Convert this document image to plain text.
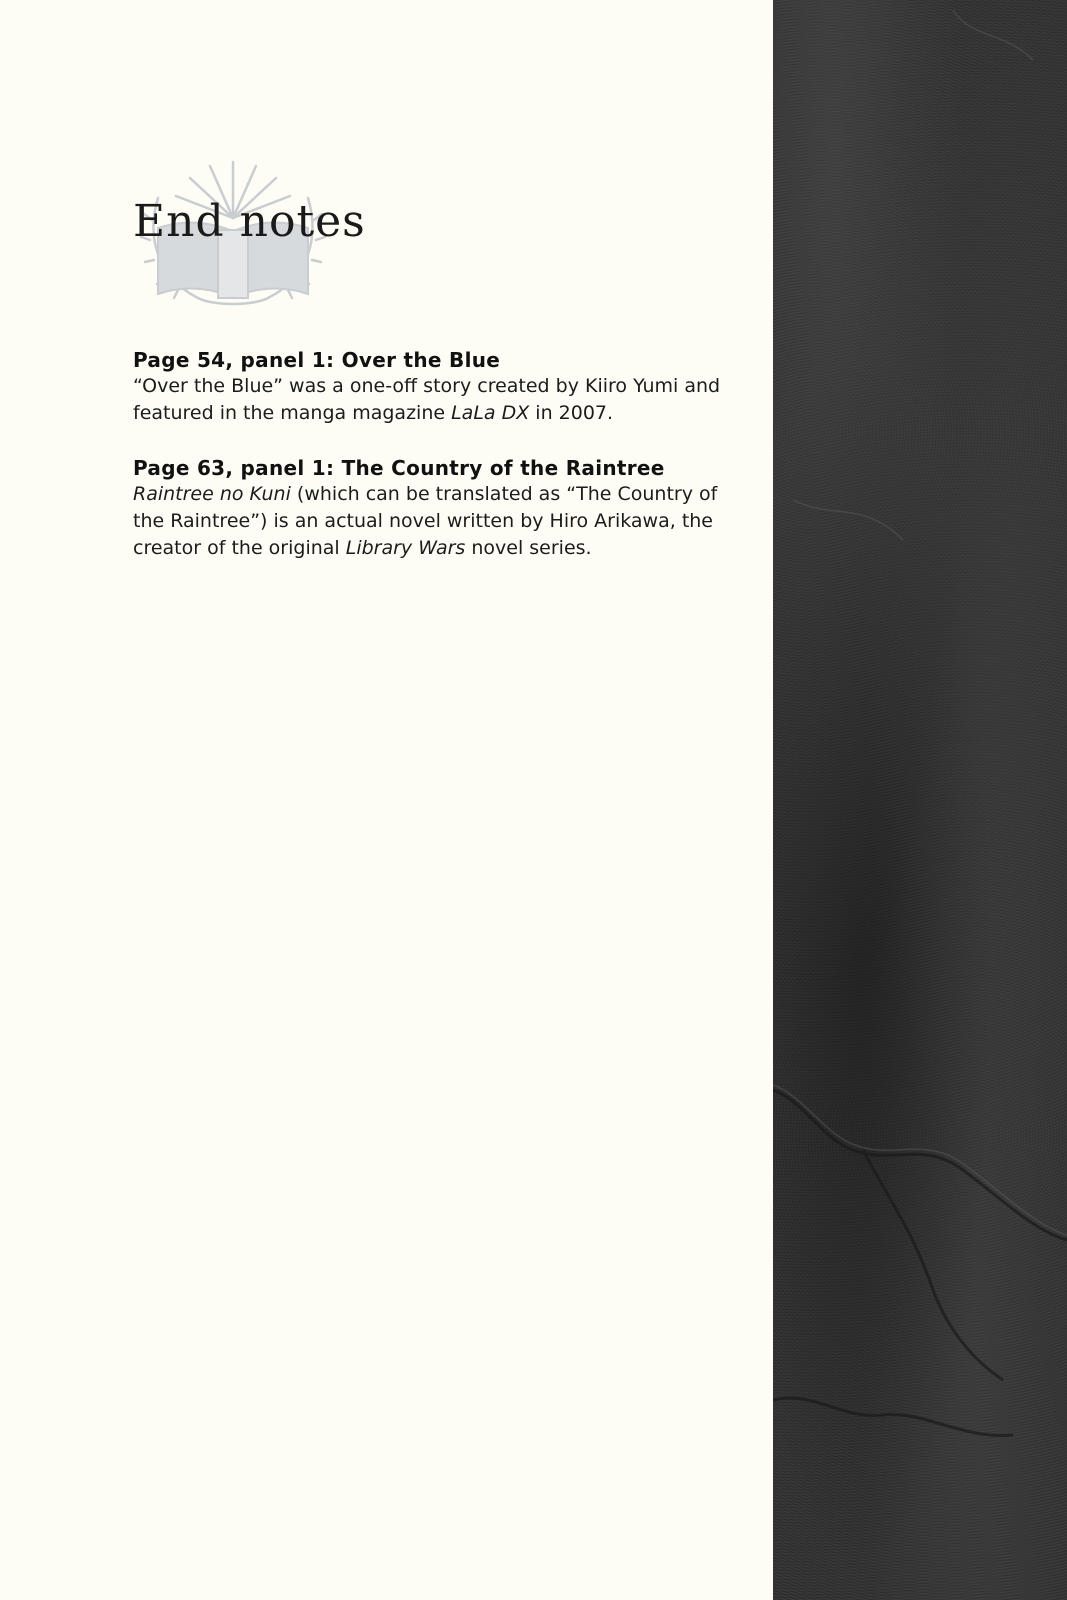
End notes

Page 54, panel 1: Over the Blue

“Over the Blue” was a one-off story created by Kiiro Yumi and featured in the manga magazine LaLa DX in 2007.

Page 63, panel 1: The Country of the Raintree

Raintree no Kuni (which can be translated as “The Country of the Raintree”) is an actual novel written by Hiro Arikawa, the creator of the original Library Wars novel series.
